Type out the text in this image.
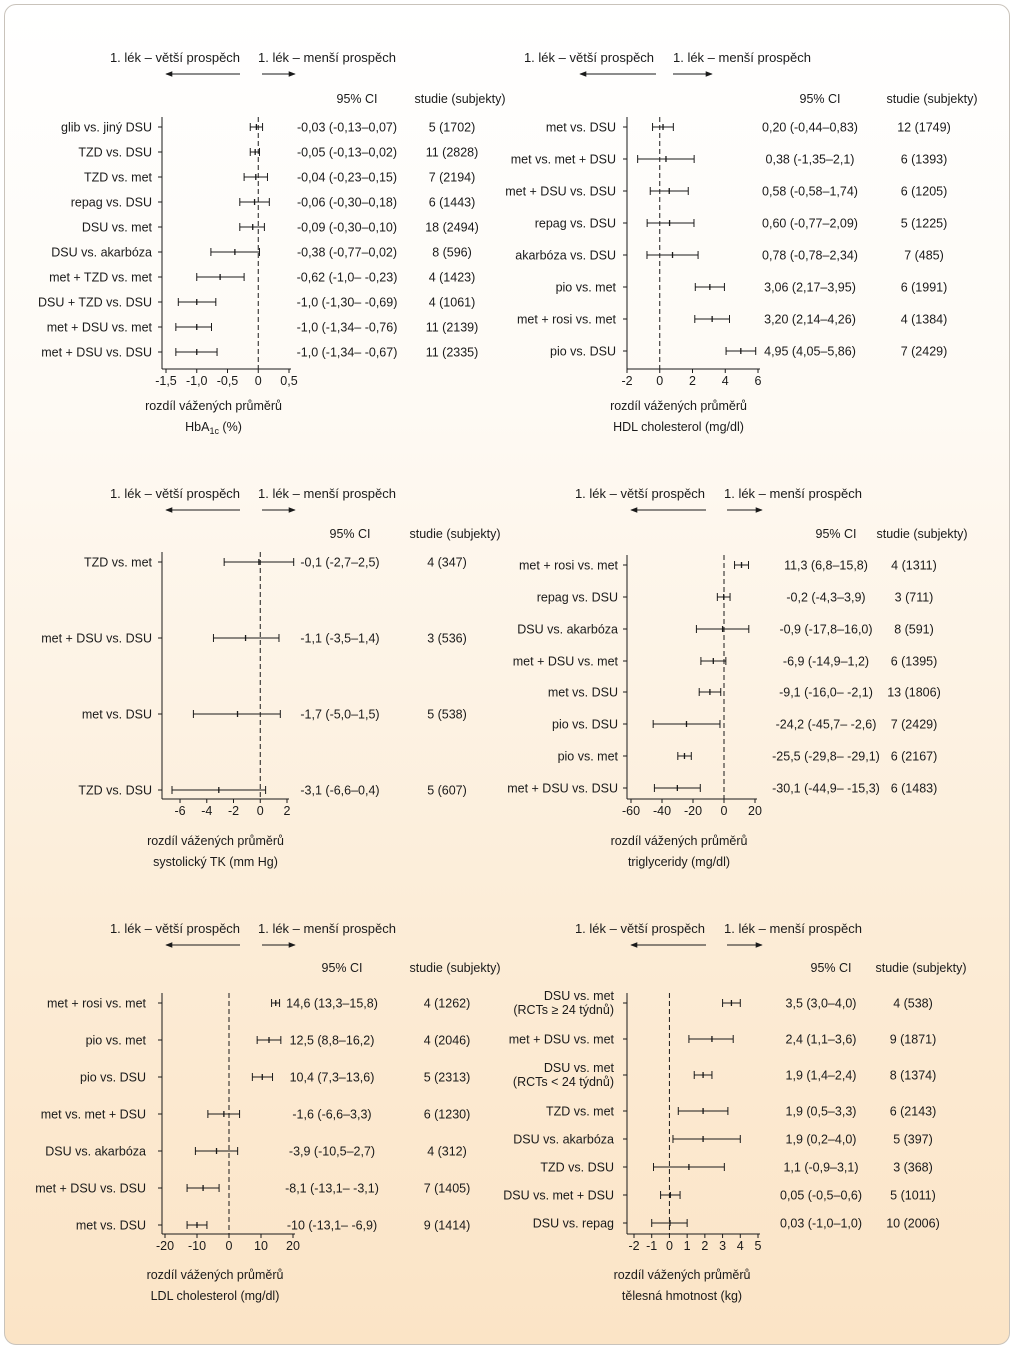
1. lék – větší prospěch 1. lék – menší prospěch
95% CI	studie (subjekty)
-1,5 -1,0 -0,5 0 0,5
rozdíl vážených průměrů
HbA$_{1c}$ (%)
glib vs. jiný DSU	-0,03 (-0,13–0,07)	5 (1702)
TZD vs. DSU	-0,05 (-0,13–0,02) 11 (2828)
TZD vs. met	-0,04 (-0,23–0,15)	7 (2194)
repag vs. DSU	-0,06 (-0,30–0,18)	6 (1443)
DSU vs. met	-0,09 (-0,30–0,10) 18 (2494)
DSU vs. akarbóza	-0,38 (-0,77–0,02)	8 (596)
met + TZD vs. met	-0,62 (-1,0– -0,23)	4 (1423)
DSU + TZD vs. DSU	-1,0 (-1,30– -0,69)	4 (1061)
met + DSU vs. met	-1,0 (-1,34– -0,76) 11 (2139)
met + DSU vs. DSU	-1,0 (-1,34– -0,67) 11 (2335)
1. lék – větší prospěch 1. lék – menší prospěch
95% CI	studie (subjekty)
-2 0 2 4 6
rozdíl vážených průměrů
HDL cholesterol (mg/dl)
met vs. DSU	0,20 (-0,44–0,83)	12 (1749)
met vs. met + DSU	0,38 (-1,35–2,1)	6 (1393)
met + DSU vs. DSU	0,58 (-0,58–1,74)	6 (1205)
repag vs. DSU	0,60 (-0,77–2,09)	5 (1225)
akarbóza vs. DSU	0,78 (-0,78–2,34)	7 (485)
pio vs. met	3,06 (2,17–3,95)	6 (1991)
met + rosi vs. met	3,20 (2,14–4,26)	4 (1384)
pio vs. DSU	4,95 (4,05–5,86)	7 (2429)
1. lék – větší prospěch 1. lék – menší prospěch
95% CI	studie (subjekty)
-6 -4 -2 0 2
rozdíl vážených průměrů
systolický TK (mm Hg)
TZD vs. met	-0,1 (-2,7–2,5)	4 (347)
met + DSU vs. DSU	-1,1 (-3,5–1,4)	3 (536)
met vs. DSU	-1,7 (-5,0–1,5)	5 (538)
TZD vs. DSU	-3,1 (-6,6–0,4)	5 (607)
1. lék – větší prospěch 1. lék – menší prospěch
95% CI studie (subjekty)
-60 -40 -20 0 20
rozdíl vážených průměrů
triglyceridy (mg/dl)
met + rosi vs. met	11,3 (6,8–15,8) 4 (1311)
repag vs. DSU	-0,2 (-4,3–3,9) 3 (711)
DSU vs. akarbóza	-0,9 (-17,8–16,0) 8 (591)
met + DSU vs. met	-6,9 (-14,9–1,2) 6 (1395)
met vs. DSU	-9,1 (-16,0– -2,1) 13 (1806)
pio vs. DSU	-24,2 (-45,7– -2,6) 7 (2429)
pio vs. met	-25,5 (-29,8– -29,1) 6 (2167)
met + DSU vs. DSU	-30,1 (-44,9– -15,3) 6 (1483)
1. lék – větší prospěch 1. lék – menší prospěch
95% CI	studie (subjekty)
-20 -10 0 10 20
rozdíl vážených průměrů
LDL cholesterol (mg/dl)
met + rosi vs. met	14,6 (13,3–15,8)	4 (1262)
pio vs. met	12,5 (8,8–16,2)	4 (2046)
pio vs. DSU	10,4 (7,3–13,6)	5 (2313)
met vs. met + DSU	-1,6 (-6,6–3,3)	6 (1230)
DSU vs. akarbóza	-3,9 (-10,5–2,7)	4 (312)
met + DSU vs. DSU	-8,1 (-13,1– -3,1)	7 (1405)
met vs. DSU	-10 (-13,1– -6,9)	9 (1414)
1. lék – větší prospěch 1. lék – menší prospěch
95% CI studie (subjekty)
-2 -1 0 1 2 3 4 5
rozdíl vážených průměrů
tělesná hmotnost (kg)
DSU vs. met
(RCTs ≥ 24 týdnů)	3,5 (3,0–4,0)	4 (538)
met + DSU vs. met	2,4 (1,1–3,6)	9 (1871)
DSU vs. met
(RCTs < 24 týdnů)	1,9 (1,4–2,4)	8 (1374)
TZD vs. met	1,9 (0,5–3,3)	6 (2143)
DSU vs. akarbóza	1,9 (0,2–4,0)	5 (397)
TZD vs. DSU	1,1 (-0,9–3,1)	3 (368)
DSU vs. met + DSU	0,05 (-0,5–0,6) 5 (1011)
DSU vs. repag	0,03 (-1,0–1,0) 10 (2006)
